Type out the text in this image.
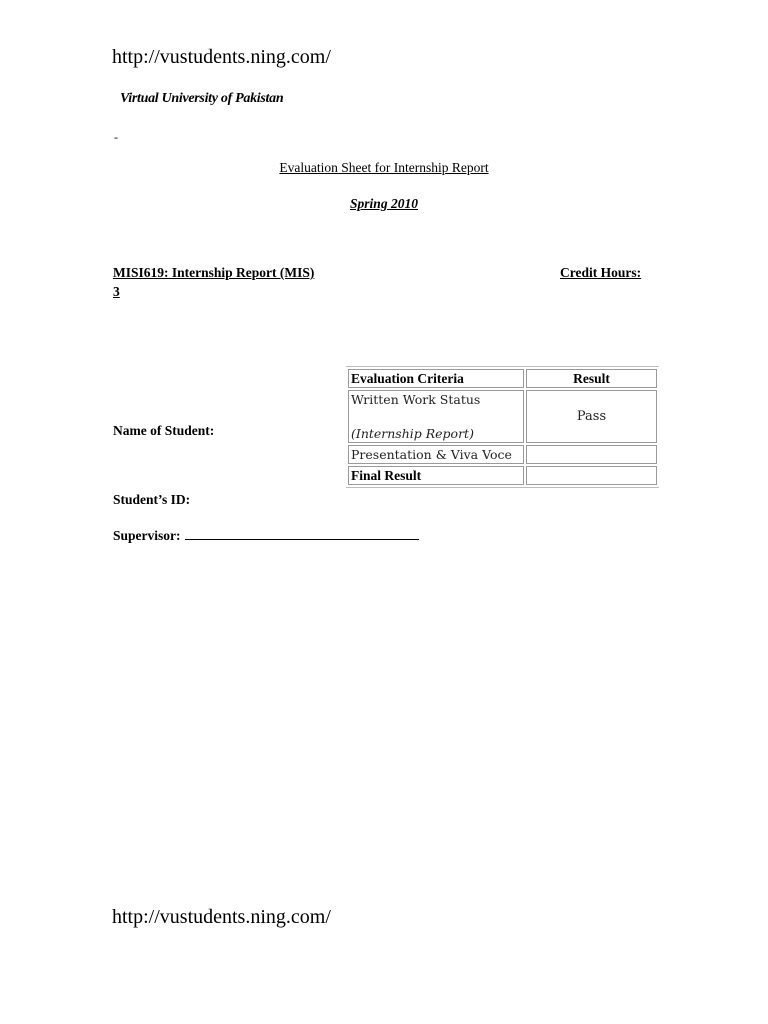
http://vustudents.ning.com/
Virtual University of Pakistan
-
Evaluation Sheet for Internship Report
Spring 2010
MISI619: Internship Report (MIS)	Credit Hours:
3
Evaluation Criteria	Result
Written Work Status
(Internship Report)	Pass
Presentation & Viva Voce	
Final Result	
Name of Student:
Student’s ID:
Supervisor:
http://vustudents.ning.com/
